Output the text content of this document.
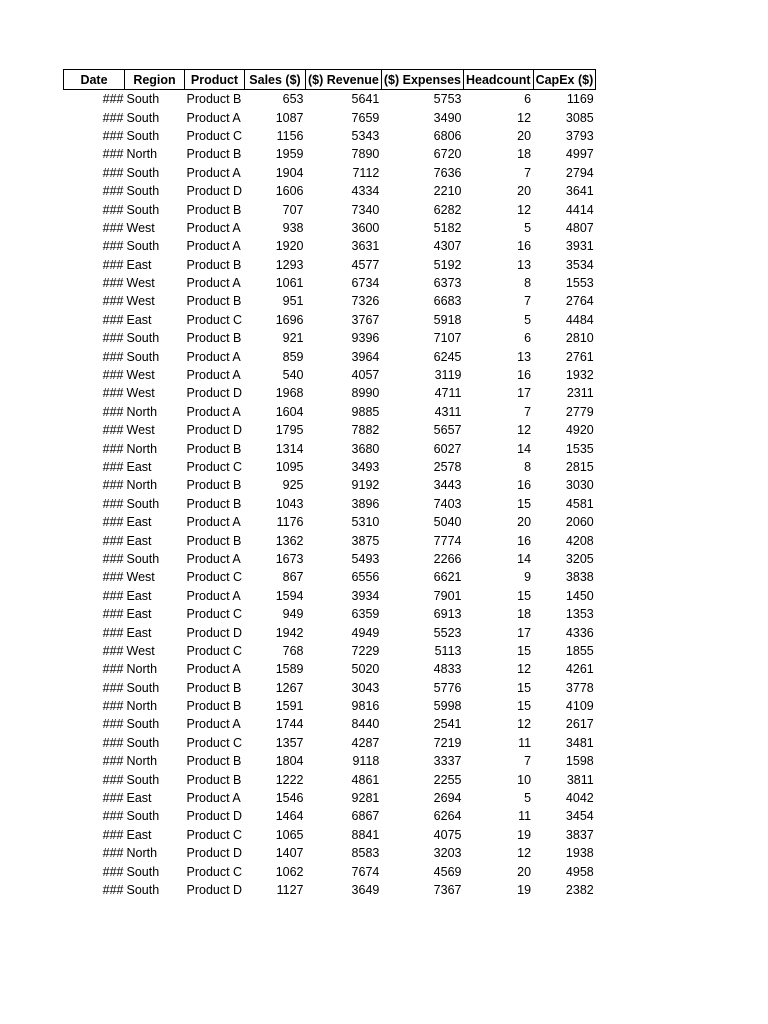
Date	Region	Product	Sales ($)	Revenue ($)	Expenses ($)	Headcount	CapEx ($)
###	South	Product B	653	5641	5753	6	1169
###	South	Product A	1087	7659	3490	12	3085
###	South	Product C	1156	5343	6806	20	3793
###	North	Product B	1959	7890	6720	18	4997
###	South	Product A	1904	7112	7636	7	2794
###	South	Product D	1606	4334	2210	20	3641
###	South	Product B	707	7340	6282	12	4414
###	West	Product A	938	3600	5182	5	4807
###	South	Product A	1920	3631	4307	16	3931
###	East	Product B	1293	4577	5192	13	3534
###	West	Product A	1061	6734	6373	8	1553
###	West	Product B	951	7326	6683	7	2764
###	East	Product C	1696	3767	5918	5	4484
###	South	Product B	921	9396	7107	6	2810
###	South	Product A	859	3964	6245	13	2761
###	West	Product A	540	4057	3119	16	1932
###	West	Product D	1968	8990	4711	17	2311
###	North	Product A	1604	9885	4311	7	2779
###	West	Product D	1795	7882	5657	12	4920
###	North	Product B	1314	3680	6027	14	1535
###	East	Product C	1095	3493	2578	8	2815
###	North	Product B	925	9192	3443	16	3030
###	South	Product B	1043	3896	7403	15	4581
###	East	Product A	1176	5310	5040	20	2060
###	East	Product B	1362	3875	7774	16	4208
###	South	Product A	1673	5493	2266	14	3205
###	West	Product C	867	6556	6621	9	3838
###	East	Product A	1594	3934	7901	15	1450
###	East	Product C	949	6359	6913	18	1353
###	East	Product D	1942	4949	5523	17	4336
###	West	Product C	768	7229	5113	15	1855
###	North	Product A	1589	5020	4833	12	4261
###	South	Product B	1267	3043	5776	15	3778
###	North	Product B	1591	9816	5998	15	4109
###	South	Product A	1744	8440	2541	12	2617
###	South	Product C	1357	4287	7219	11	3481
###	North	Product B	1804	9118	3337	7	1598
###	South	Product B	1222	4861	2255	10	3811
###	East	Product A	1546	9281	2694	5	4042
###	South	Product D	1464	6867	6264	11	3454
###	East	Product C	1065	8841	4075	19	3837
###	North	Product D	1407	8583	3203	12	1938
###	South	Product C	1062	7674	4569	20	4958
###	South	Product D	1127	3649	7367	19	2382
